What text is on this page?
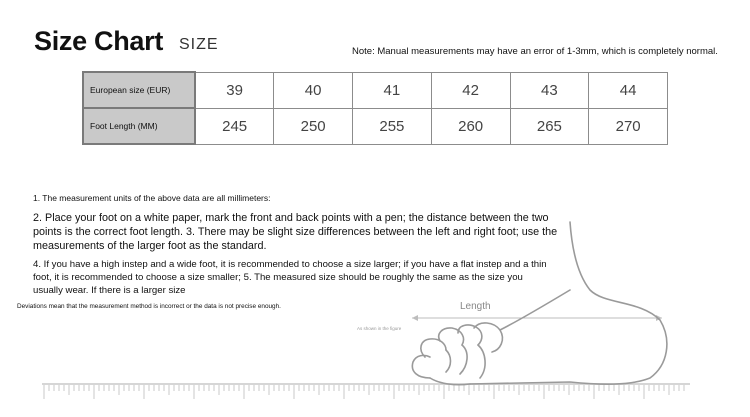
Size Chart SIZE	Note: Manual measurements may have an error of 1-3mm, which is completely normal.
European size (EUR)	39	40	41	42	43	44
Foot Length (MM)	245	250	255	260	265	270
1. The measurement units of the above data are all millimeters:
2. Place your foot on a white paper, mark the front and back points with a pen; the distance between the two points is the correct foot length. 3. There may be slight size differences between the left and right foot; use the measurements of the larger foot as the standard.
4. If you have a high instep and a wide foot, it is recommended to choose a size larger; if you have a flat instep and a thin foot, it is recommended to choose a size smaller; 5. The measured size should be roughly the same as the size you usually wear. If there is a larger size
Deviations mean that the measurement method is incorrect or the data is not precise enough.	Length
As shown in the figure
